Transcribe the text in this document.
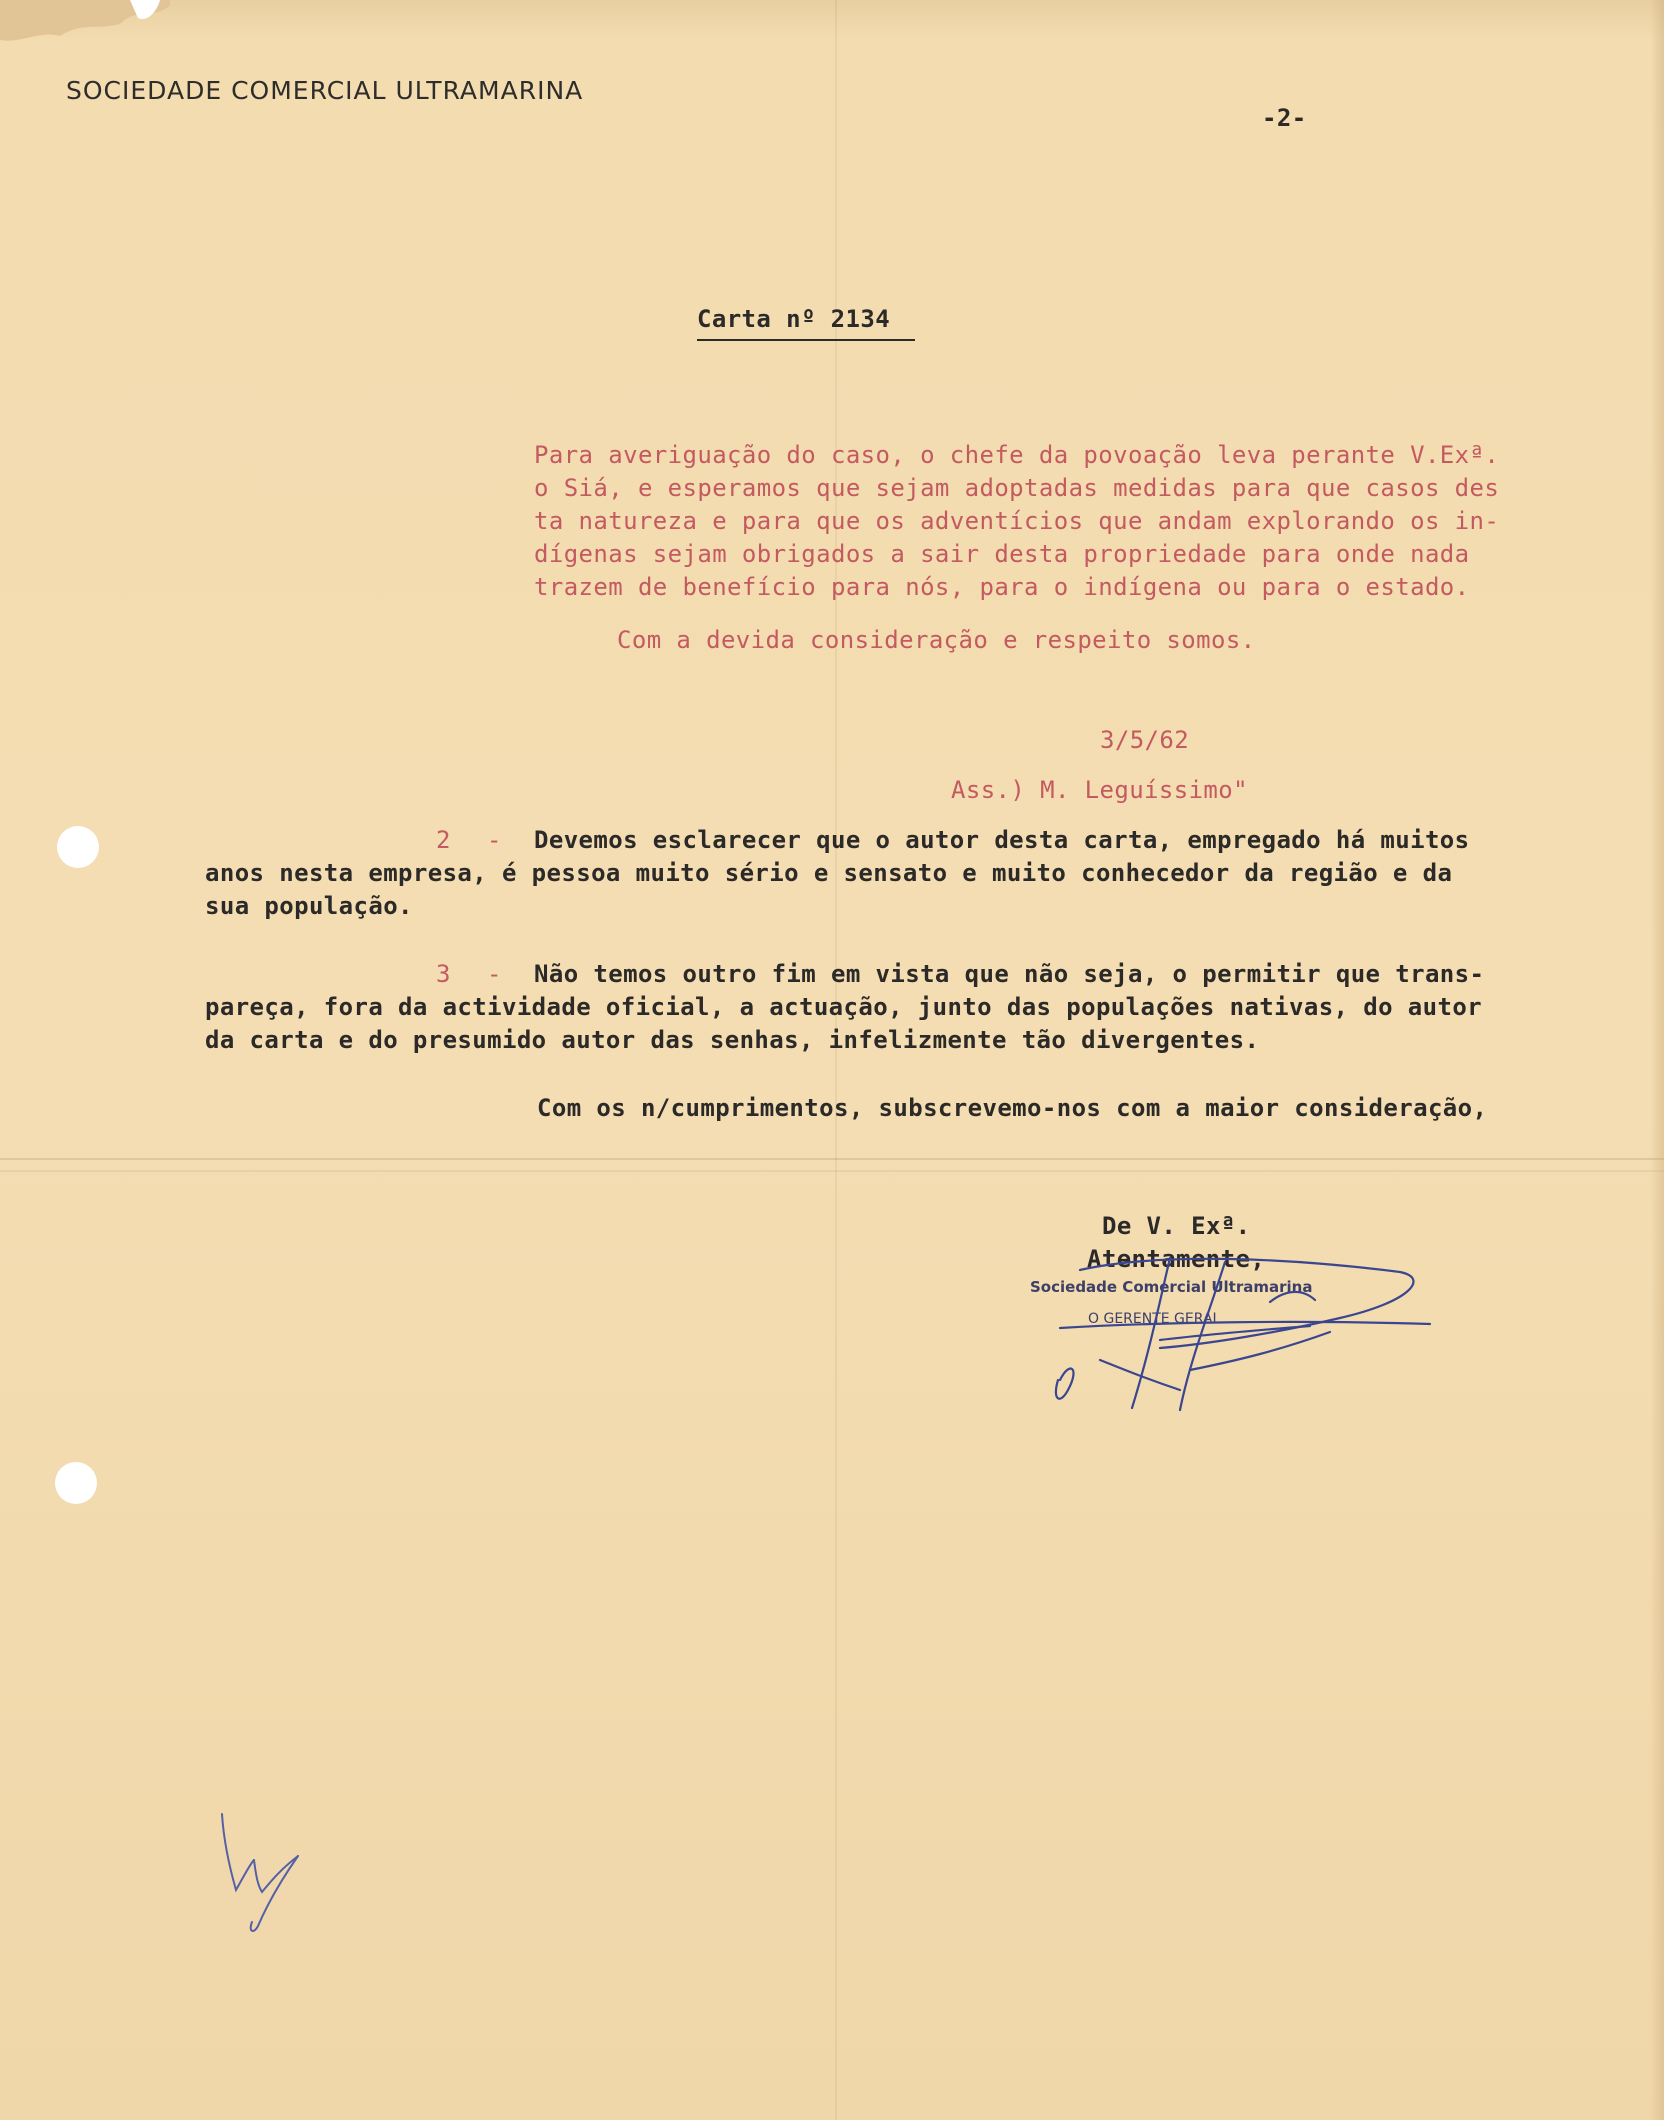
SOCIEDADE COMERCIAL ULTRAMARINA

-2-

Carta nº 2134

Para averiguação do caso, o chefe da povoação leva perante V.Exª.

o Siá, e esperamos que sejam adoptadas medidas para que casos des

ta natureza e para que os adventícios que andam explorando os in-

dígenas sejam obrigados a sair desta propriedade para onde nada

trazem de benefício para nós, para o indígena ou para o estado.

Com a devida consideração e respeito somos.

3/5/62

Ass.) M. Leguíssimo"

2 - Devemos esclarecer que o autor desta carta, empregado há muitos

anos nesta empresa, é pessoa muito sério e sensato e muito conhecedor da região e da

sua população.

3 - Não temos outro fim em vista que não seja, o permitir que trans-

pareça, fora da actividade oficial, a actuação, junto das populações nativas, do autor

da carta e do presumido autor das senhas, infelizmente tão divergentes.

Com os n/cumprimentos, subscrevemo-nos com a maior consideração,

De V. Exª.

Atentamente,

Sociedade Comercial Ultramarina

O GERENTE GERAL
